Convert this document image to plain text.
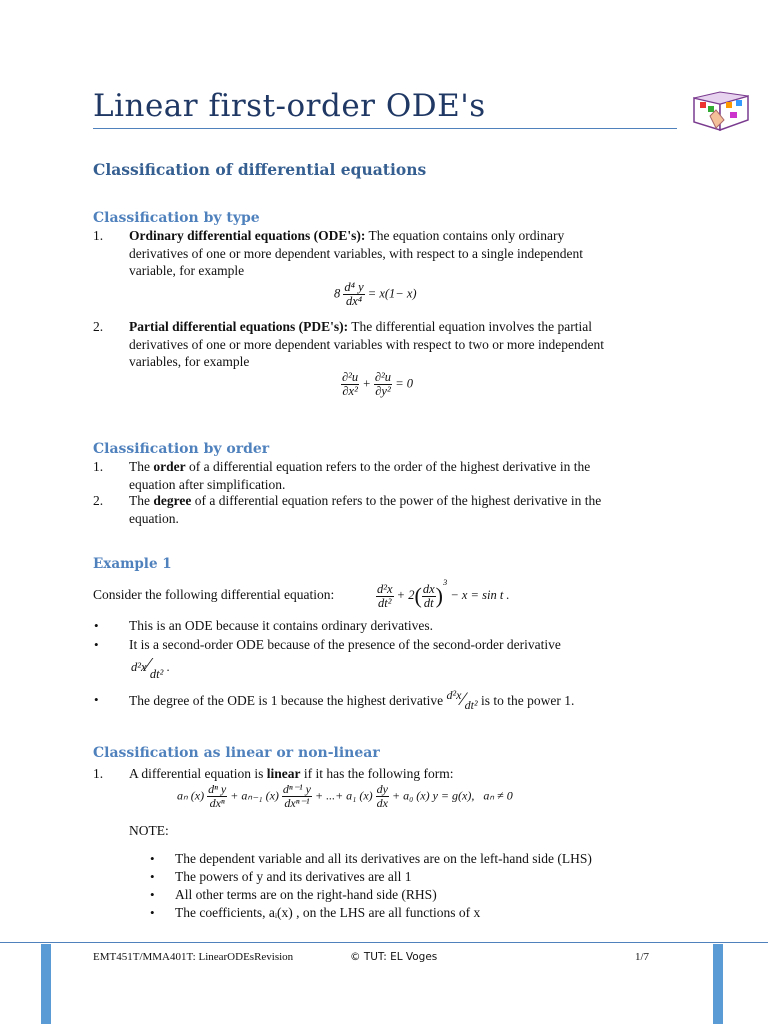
Linear first-order ODE's
Classification of differential equations
Classification by type
1. Ordinary differential equations (ODE's): The equation contains only ordinary
derivatives of one or more dependent variables, with respect to a single independent
variable, for example
$8 \frac{\text{d⁴ y}}{\text{dx⁴}} = x(1- x)$
2. Partial differential equations (PDE's): The differential equation involves the partial
derivatives of one or more dependent variables with respect to two or more independent
variables, for example
$\frac{\text{∂²u}}{\text{∂x²}} + \frac{\text{∂²u}}{\text{∂y²}} = 0$
Classification by order
1. The order of a differential equation refers to the order of the highest derivative in the
equation after simplification.
2. The degree of a differential equation refers to the power of the highest derivative in the
equation.
Example 1
Consider the following differential equation:	$\frac{\text{d²x}}{\text{dt²}} + 2( \frac{dx}{dt} )^3 - x = \sin t$ .
• This is an ODE because it contains ordinary derivatives.
• It is a second-order ODE because of the presence of the second-order derivative
d²x⁄dt² .
• The degree of the ODE is 1 because the highest derivative d²x⁄dt² is to the power 1.
Classification as linear or non-linear
1. A differential equation is linear if it has the following form:
aₙ $(x) \frac{\text{dⁿ y}}{\text{dxⁿ}} + a_{n-1}$ $(x) \frac{\text{dⁿ⁻¹ y}}{\text{dxⁿ⁻¹}}$ + ...+ a₁ $(x) \frac{dy}{dx} + a_0$ (x) y = g(x), aₙ ≠ 0
NOTE:
• The dependent variable and all its derivatives are on the left-hand side (LHS)
• The powers of y and its derivatives are all 1
• All other terms are on the right-hand side (RHS)
• The coefficients, aᵢ(x) , on the LHS are all functions of x
EMT451T/MMA401T: LinearODEsRevision	© TUT: EL Voges	1/7
